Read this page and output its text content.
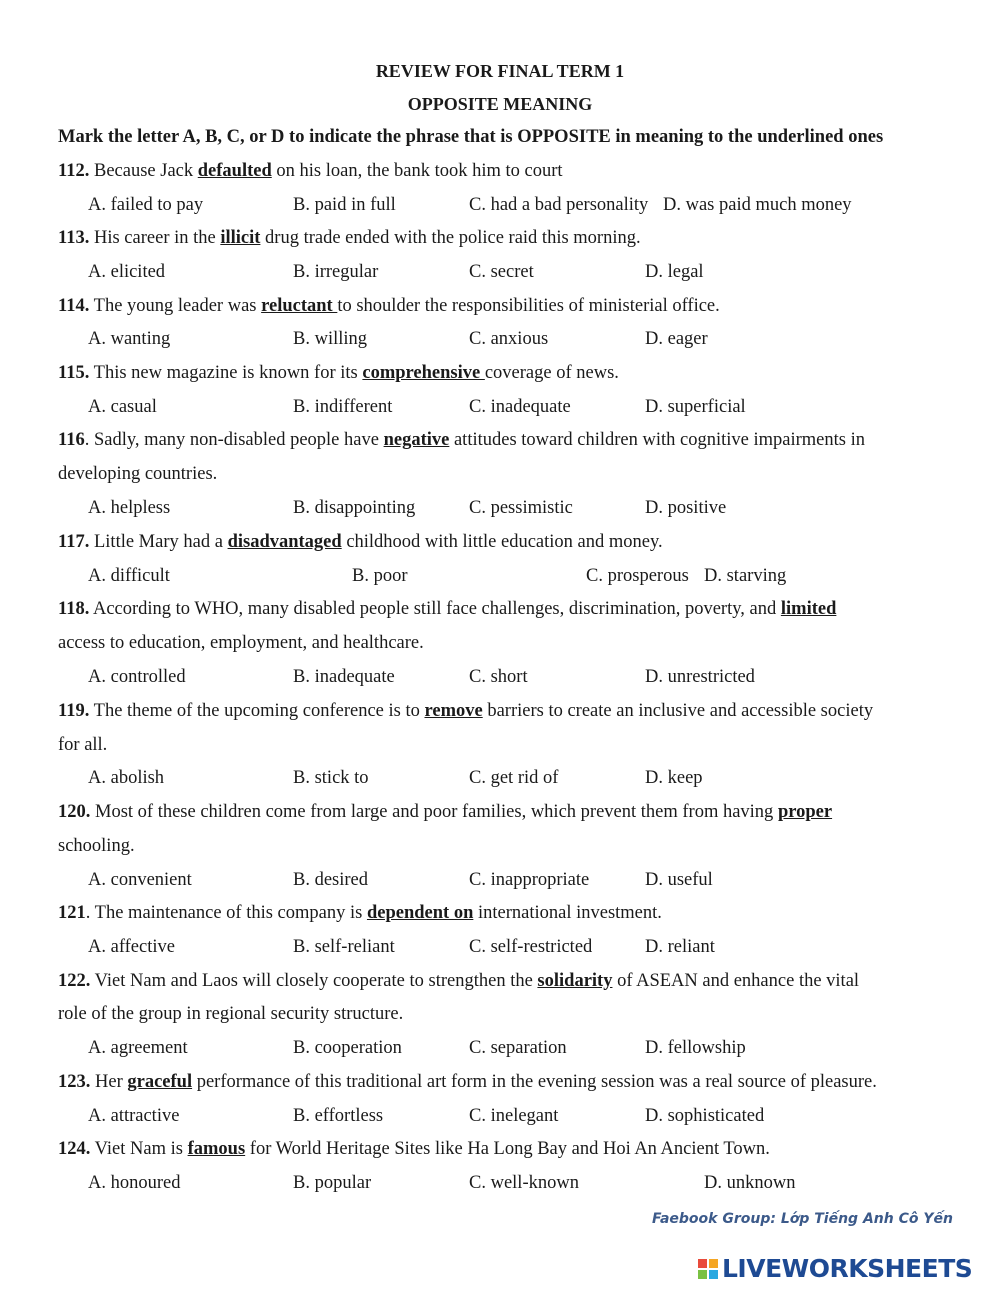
REVIEW FOR FINAL TERM 1
OPPOSITE MEANING
Mark the letter A, B, C, or D to indicate the phrase that is OPPOSITE in meaning to the underlined ones
112. Because Jack defaulted on his loan, the bank took him to court
A. failed to pay	B. paid in full	C. had a bad personality D. was paid much money
113. His career in the illicit drug trade ended with the police raid this morning.
A. elicited	B. irregular	C. secret	D. legal
114. The young leader was reluctant to shoulder the responsibilities of ministerial office.
A. wanting	B. willing	C. anxious	D. eager
115. This new magazine is known for its comprehensive coverage of news.
A. casual	B. indifferent	C. inadequate	D. superficial
116. Sadly, many non-disabled people have negative attitudes toward children with cognitive impairments in
developing countries.
A. helpless	B. disappointing	C. pessimistic	D. positive
117. Little Mary had a disadvantaged childhood with little education and money.
A. difficult	B. poor	C. prosperous D. starving
118. According to WHO, many disabled people still face challenges, discrimination, poverty, and limited
access to education, employment, and healthcare.
A. controlled	B. inadequate	C. short	D. unrestricted
119. The theme of the upcoming conference is to remove barriers to create an inclusive and accessible society
for all.
A. abolish	B. stick to	C. get rid of	D. keep
120. Most of these children come from large and poor families, which prevent them from having proper
schooling.
A. convenient	B. desired	C. inappropriate	D. useful
121. The maintenance of this company is dependent on international investment.
A. affective	B. self-reliant	C. self-restricted	D. reliant
122. Viet Nam and Laos will closely cooperate to strengthen the solidarity of ASEAN and enhance the vital
role of the group in regional security structure.
A. agreement	B. cooperation	C. separation	D. fellowship
123. Her graceful performance of this traditional art form in the evening session was a real source of pleasure.
A. attractive	B. effortless	C. inelegant	D. sophisticated
124. Viet Nam is famous for World Heritage Sites like Ha Long Bay and Hoi An Ancient Town.
A. honoured	B. popular	C. well-known	D. unknown
Faebook Group: Lớp Tiếng Anh Cô Yến
LIVEWORKSHEETS
